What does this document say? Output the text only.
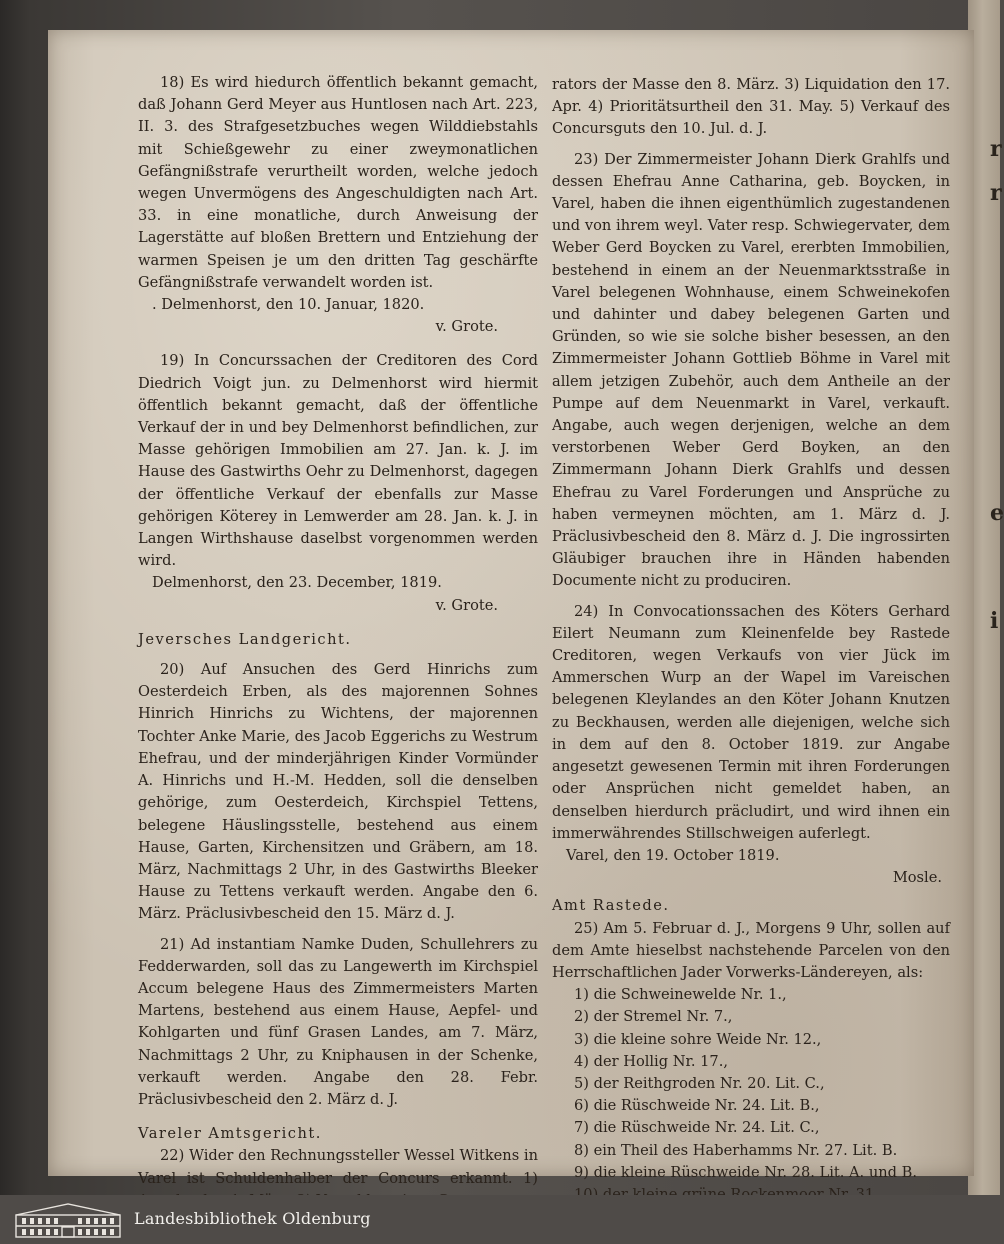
r
r
e
i

18) Es wird hiedurch öffentlich bekannt gemacht, daß Johann Gerd Meyer aus Huntlosen nach Art. 223, II. 3. des Strafgesetzbuches wegen Wilddiebstahls mit Schießgewehr zu einer zweymonatlichen Gefängnißstrafe verurtheilt worden, welche jedoch wegen Unvermögens des Angeschuldigten nach Art. 33. in eine monatliche, durch Anweisung der Lagerstätte auf bloßen Brettern und Entziehung der warmen Speisen je um den dritten Tag geschärfte Gefängnißstrafe verwandelt worden ist.

. Delmenhorst, den 10. Januar, 1820.

v. Grote.

19) In Concurssachen der Creditoren des Cord Diedrich Voigt jun. zu Delmenhorst wird hiermit öffentlich bekannt gemacht, daß der öffentliche Verkauf der in und bey Delmenhorst befindlichen, zur Masse gehörigen Immobilien am 27. Jan. k. J. im Hause des Gastwirths Oehr zu Delmenhorst, dagegen der öffentliche Verkauf der ebenfalls zur Masse gehörigen Köterey in Lemwerder am 28. Jan. k. J. in Langen Wirthshause daselbst vorgenommen werden wird.

Delmenhorst, den 23. December, 1819.

v. Grote.

Jeversches Landgericht.

20) Auf Ansuchen des Gerd Hinrichs zum Oesterdeich Erben, als des majorennen Sohnes Hinrich Hinrichs zu Wichtens, der majorennen Tochter Anke Marie, des Jacob Eggerichs zu Westrum Ehefrau, und der minderjährigen Kinder Vormünder A. Hinrichs und H.-M. Hedden, soll die denselben gehörige, zum Oesterdeich, Kirchspiel Tettens, belegene Häuslingsstelle, bestehend aus einem Hause, Garten, Kirchensitzen und Gräbern, am 18. März, Nachmittags 2 Uhr, in des Gastwirths Bleeker Hause zu Tettens verkauft werden. Angabe den 6. März. Präclusivbescheid den 15. März d. J.

21) Ad instantiam Namke Duden, Schullehrers zu Fedderwarden, soll das zu Langewerth im Kirchspiel Accum belegene Haus des Zimmermeisters Marten Martens, bestehend aus einem Hause, Aepfel- und Kohlgarten und fünf Grasen Landes, am 7. März, Nachmittags 2 Uhr, zu Kniphausen in der Schenke, verkauft werden. Angabe den 28. Febr. Präclusivbescheid den 2. März d. J.

Vareler Amtsgericht.

22) Wider den Rechnungssteller Wessel Witkens in Varel ist Schuldenhalber der Concurs erkannt. 1)

rators der Masse den 8. März. 3) Liquidation den 17. Apr. 4) Prioritätsurtheil den 31. May. 5) Verkauf des Concursguts den 10. Jul. d. J.

23) Der Zimmermeister Johann Dierk Grahlfs und dessen Ehefrau Anne Catharina, geb. Boycken, in Varel, haben die ihnen eigenthümlich zugestandenen und von ihrem weyl. Vater resp. Schwiegervater, dem Weber Gerd Boycken zu Varel, ererbten Immobilien, bestehend in einem an der Neuenmarktsstraße in Varel belegenen Wohnhause, einem Schweinekofen und dahinter und dabey belegenen Garten und Gründen, so wie sie solche bisher besessen, an den Zimmermeister Johann Gottlieb Böhme in Varel mit allem jetzigen Zubehör, auch dem Antheile an der Pumpe auf dem Neuenmarkt in Varel, verkauft. Angabe, auch wegen derjenigen, welche an dem verstorbenen Weber Gerd Boyken, an den Zimmermann Johann Dierk Grahlfs und dessen Ehefrau zu Varel Forderungen und Ansprüche zu haben vermeynen möchten, am 1. März d. J. Präclusivbescheid den 8. März d. J. Die ingrossirten Gläubiger brauchen ihre in Händen habenden Documente nicht zu produciren.

24) In Convocationssachen des Köters Gerhard Eilert Neumann zum Kleinenfelde bey Rastede Creditoren, wegen Verkaufs von vier Jück im Ammerschen Wurp an der Wapel im Vareischen belegenen Kleylandes an den Köter Johann Knutzen zu Beckhausen, werden alle diejenigen, welche sich in dem auf den 8. October 1819. zur Angabe angesetzt gewesenen Termin mit ihren Forderungen oder Ansprüchen nicht gemeldet haben, an denselben hierdurch präcludirt, und wird ihnen ein immerwährendes Stillschweigen auferlegt.

Varel, den 19. October 1819.

Mosle.

Amt Rastede.

25) Am 5. Februar d. J., Morgens 9 Uhr, sollen auf dem Amte hieselbst nachstehende Parcelen von den Herrschaftlichen Jader Vorwerks-Ländereyen, als:

1) die Schweinewelde Nr. 1.,
2) der Stremel Nr. 7.,
3) die kleine sohre Weide Nr. 12.,
4) der Hollig Nr. 17.,
5) der Reithgroden Nr. 20. Lit. C.,
6) die Rüschweide Nr. 24. Lit. B.,
7) die Rüschweide Nr. 24. Lit. C.,
8) ein Theil des Haberhamms Nr. 27. Lit. B.
9) die kleine Rüschweide Nr. 28. Lit. A. und B.
Landesbibliothek Oldenburg
